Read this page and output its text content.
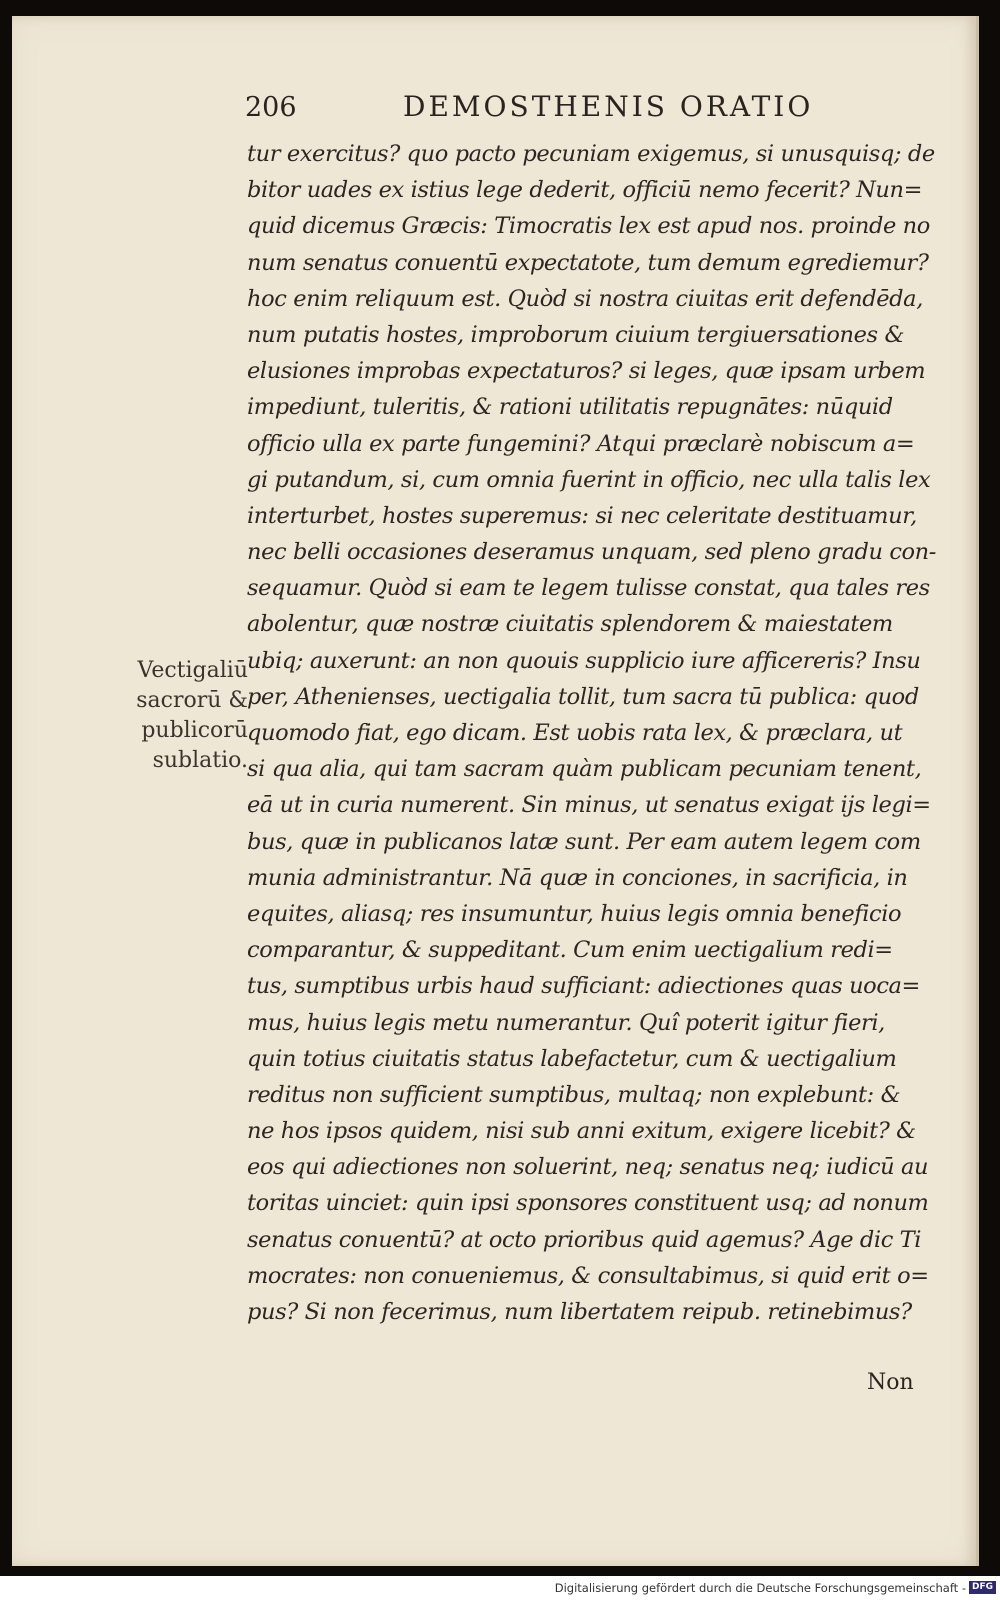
206	DEMOSTHENIS ORATIO
Vectigaliū
sacrorū &
publicorū
sublatio.
tur exercitus? quo pacto pecuniam exigemus, si unusquisq; de
bitor uades ex istius lege dederit, officiū nemo fecerit? Nun=
quid dicemus Græcis: Timocratis lex est apud nos. proinde no
num senatus conuentū expectatote, tum demum egrediemur?
hoc enim reliquum est. Quòd si nostra ciuitas erit defendēda,
num putatis hostes, improborum ciuium tergiuersationes &
elusiones improbas expectaturos? si leges, quæ ipsam urbem
impediunt, tuleritis, & rationi utilitatis repugnātes: nūquid
officio ulla ex parte fungemini? Atqui præclarè nobiscum a=
gi putandum, si, cum omnia fuerint in officio, nec ulla talis lex
interturbet, hostes superemus: si nec celeritate destituamur,
nec belli occasiones deseramus unquam, sed pleno gradu con-
sequamur. Quòd si eam te legem tulisse constat, qua tales res
abolentur, quæ nostræ ciuitatis splendorem & maiestatem
ubiq; auxerunt: an non quouis supplicio iure afficereris? Insu
per, Athenienses, uectigalia tollit, tum sacra tū publica: quod
quomodo fiat, ego dicam. Est uobis rata lex, & præclara, ut
si qua alia, qui tam sacram quàm publicam pecuniam tenent,
eā ut in curia numerent. Sin minus, ut senatus exigat ijs legi=
bus, quæ in publicanos latæ sunt. Per eam autem legem com
munia administrantur. Nā quæ in conciones, in sacrificia, in
equites, aliasq; res insumuntur, huius legis omnia beneficio
comparantur, & suppeditant. Cum enim uectigalium redi=
tus, sumptibus urbis haud sufficiant: adiectiones quas uoca=
mus, huius legis metu numerantur. Quî poterit igitur fieri,
quin totius ciuitatis status labefactetur, cum & uectigalium
reditus non sufficient sumptibus, multaq; non explebunt: &
ne hos ipsos quidem, nisi sub anni exitum, exigere licebit? &
eos qui adiectiones non soluerint, neq; senatus neq; iudicū au
toritas uinciet: quin ipsi sponsores constituent usq; ad nonum
senatus conuentū? at octo prioribus quid agemus? Age dic Ti
mocrates: non conueniemus, & consultabimus, si quid erit o=
pus? Si non fecerimus, num libertatem reipub. retinebimus?
Non
Digitalisierung gefördert durch die Deutsche Forschungsgemeinschaft - DFG
